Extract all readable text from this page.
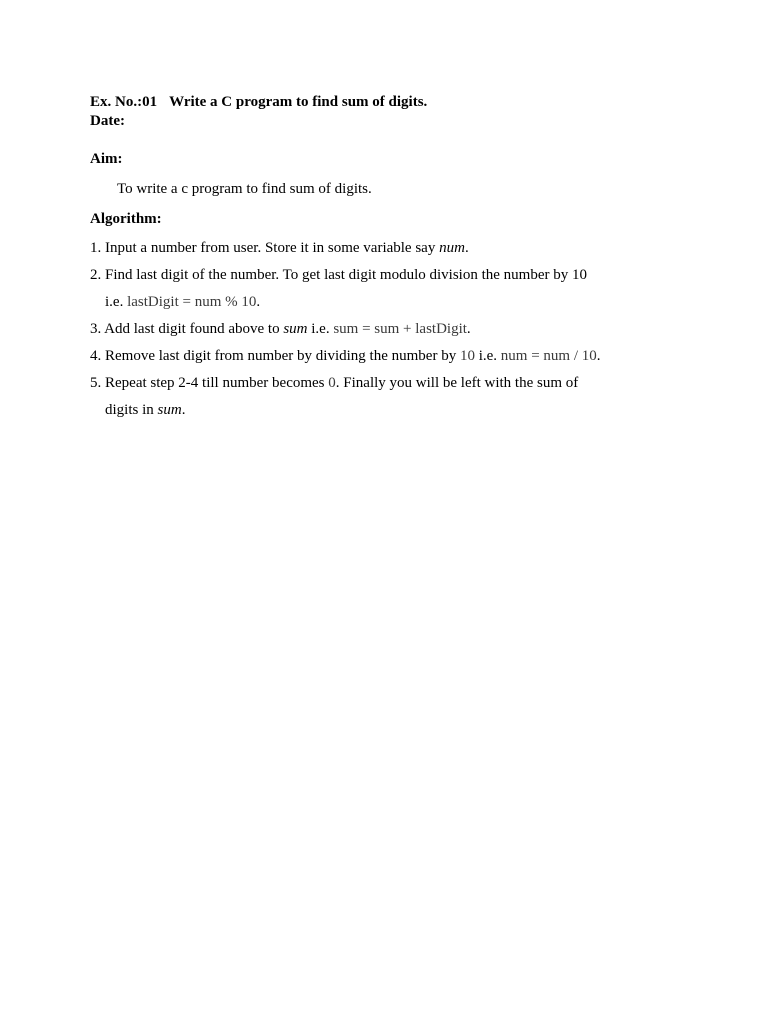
Ex. No.:01 Write a C program to find sum of digits.
Date:
Aim:
To write a c program to find sum of digits.
Algorithm:
1. Input a number from user. Store it in some variable say num.
2. Find last digit of the number. To get last digit modulo division the number by 10
i.e. lastDigit = num % 10.
3. Add last digit found above to sum i.e. sum = sum + lastDigit.
4. Remove last digit from number by dividing the number by 10 i.e. num = num / 10.
5. Repeat step 2-4 till number becomes 0. Finally you will be left with the sum of
digits in sum.
